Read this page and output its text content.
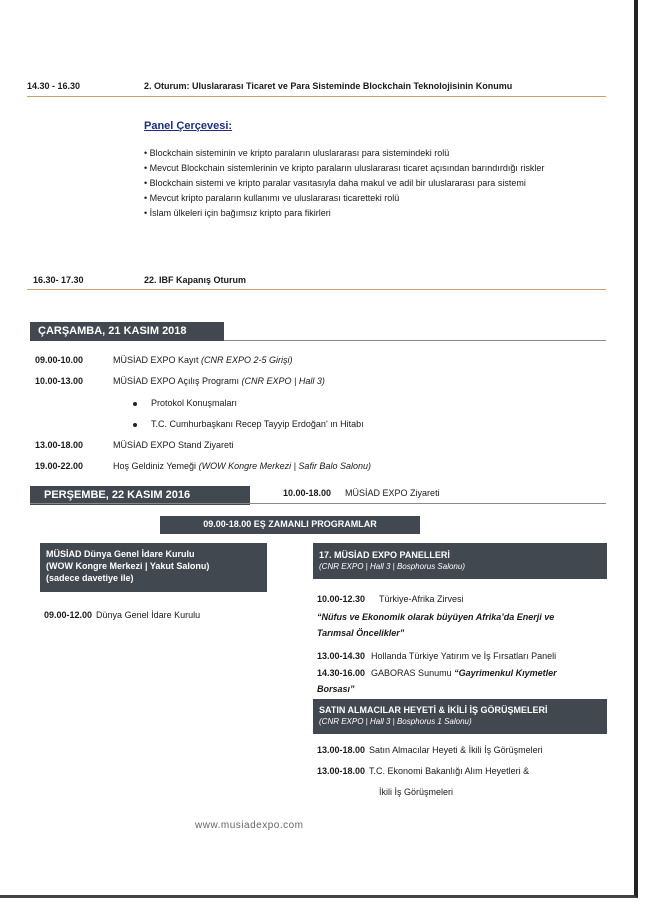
14.30 - 16.30	2. Oturum: Uluslararası Ticaret ve Para Sisteminde Blockchain Teknolojisinin Konumu
Panel Çerçevesi:
• Blockchain sisteminin ve kripto paraların uluslararası para sistemindeki rolü
• Mevcut Blockchain sistemlerinin ve kripto paraların uluslararası ticaret açısından barındırdığı riskler
• Blockchain sistemi ve kripto paralar vasıtasıyla daha makul ve adil bir uluslararası para sistemi
• Mevcut kripto paraların kullanımı ve uluslararası ticaretteki rolü
• İslam ülkeleri için bağımsız kripto para fikirleri
16.30- 17.30	22. IBF Kapanış Oturum
ÇARŞAMBA, 21 KASIM 2018
09.00-10.00	MÜSİAD EXPO Kayıt (CNR EXPO 2-5 Girişi)
10.00-13.00	MÜSİAD EXPO Açılış Programı (CNR EXPO | Hall 3)
Protokol Konuşmaları
T.C. Cumhurbaşkanı Recep Tayyip Erdoğan’ ın Hitabı
13.00-18.00	MÜSİAD EXPO Stand Ziyareti
19.00-22.00	Hoş Geldiniz Yemeği (WOW Kongre Merkezi | Safir Balo Salonu)
PERŞEMBE, 22 KASIM 2016	10.00-18.00 MÜSİAD EXPO Ziyareti
09.00-18.00 EŞ ZAMANLI PROGRAMLAR
MÜSİAD Dünya Genel İdare Kurulu
(WOW Kongre Merkezi | Yakut Salonu)
(sadece davetiye ile)
09.00-12.00 Dünya Genel İdare Kurulu
17. MÜSİAD EXPO PANELLERİ
(CNR EXPO | Hall 3 | Bosphorus Salonu)
10.00-12.30 Türkiye-Afrika Zirvesi
“Nüfus ve Ekonomik olarak büyüyen Afrika’da Enerji ve
Tarımsal Öncelikler”
13.00-14.30 Hollanda Türkiye Yatırım ve İş Fırsatları Paneli
14.30-16.00 GABORAS Sunumu “Gayrimenkul Kıymetler
Borsası”
SATIN ALMACILAR HEYETİ & İKİLİ İŞ GÖRÜŞMELERİ
(CNR EXPO | Hall 3 | Bosphorus 1 Salonu)
13.00-18.00 Satın Almacılar Heyeti & İkili İş Görüşmeleri
13.00-18.00 T.C. Ekonomi Bakanlığı Alım Heyetleri &
İkili İş Görüşmeleri
www.musiadexpo.com
